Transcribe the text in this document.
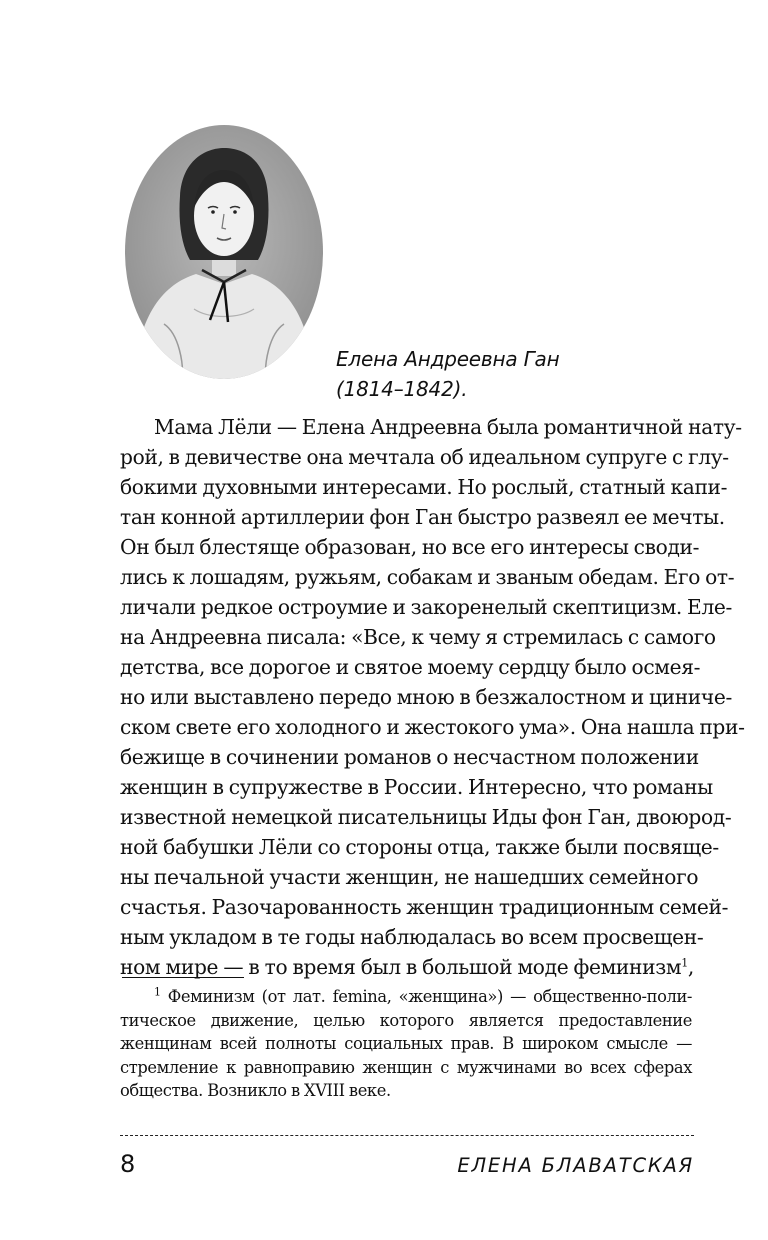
Елена Андреевна Ган
(1814–1842).
Мама Лёли — Елена Андреевна была романтичной нату-
рой, в девичестве она мечтала об идеальном супруге с глу-
бокими духовными интересами. Но рослый, статный капи-
тан конной артиллерии фон Ган быстро развеял ее мечты.
Он был блестяще образован, но все его интересы своди-
лись к лошадям, ружьям, собакам и званым обедам. Его от-
личали редкое остроумие и закоренелый скептицизм. Еле-
на Андреевна писала: «Все, к чему я стремилась с самого
детства, все дорогое и святое моему сердцу было осмея-
но или выставлено передо мною в безжалостном и циниче-
ском свете его холодного и жестокого ума». Она нашла при-
бежище в сочинении романов о несчастном положении
женщин в супружестве в России. Интересно, что романы
известной немецкой писательницы Иды фон Ган, двоюрод-
ной бабушки Лёли со стороны отца, также были посвяще-
ны печальной участи женщин, не нашедших семейного
счастья. Разочарованность женщин традиционным семей-
ным укладом в те годы наблюдалась во всем просвещен-
ном мире — в то время был в большой моде феминизм$^1$,
$^1$ Феминизм (от лат. femina, «женщина») — общественно-поли-
тическое движение, целью которого является предоставление
женщинам всей полноты социальных прав. В широком смысле —
стремление к равноправию женщин с мужчинами во всех сферах
общества. Возникло в XVIII веке.
8	ЕЛЕНА БЛАВАТСКАЯ
